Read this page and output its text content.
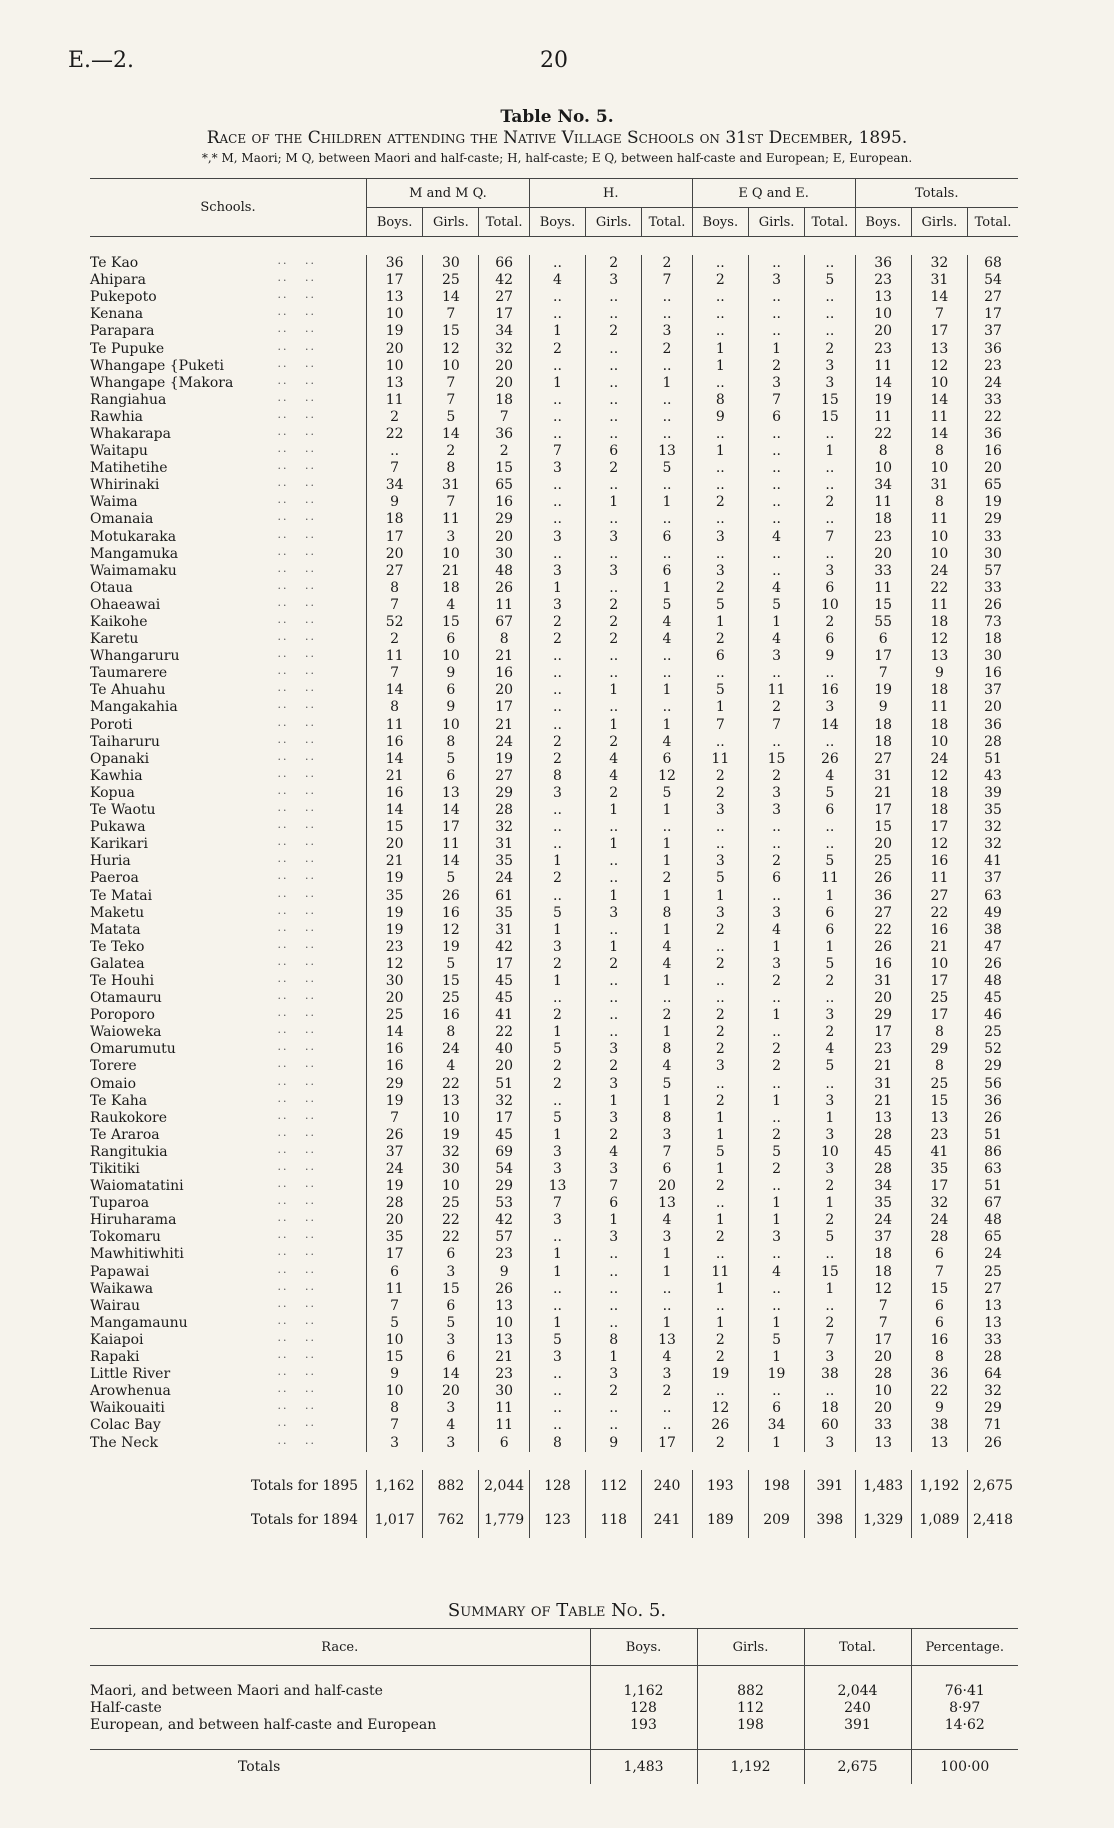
E.—2.	20
Table No. 5.
Race of the Children attending the Native Village Schools on 31st December, 1895.
*,* M, Maori; M Q, between Maori and half-caste; H, half-caste; E Q, between half-caste and European; E, European.
Schools.		M and M Q.			H.			E Q and E.			Totals.		
		Boys.	Girls.	Total.	Boys.	Girls.	Total.	Boys.	Girls.	Total.	Boys.	Girls.	Total.

Te Kao	··   ··	36	30	66	..	2	2	..	..	..	36	32	68
Ahipara	··   ··	17	25	42	4	3	7	2	3	5	23	31	54
Pukepoto	··   ··	13	14	27	..	..	..	..	..	..	13	14	27
Kenana	··   ··	10	7	17	..	..	..	..	..	..	10	7	17
Parapara	··   ··	19	15	34	1	2	3	..	..	..	20	17	37
Te Pupuke	··   ··	20	12	32	2	..	2	1	1	2	23	13	36
Whangape {Puketi	··   ··	10	10	20	..	..	..	1	2	3	11	12	23
Whangape {Makora	··   ··	13	7	20	1	..	1	..	3	3	14	10	24
Rangiahua	··   ··	11	7	18	..	..	..	8	7	15	19	14	33
Rawhia	··   ··	2	5	7	..	..	..	9	6	15	11	11	22
Whakarapa	··   ··	22	14	36	..	..	..	..	..	..	22	14	36
Waitapu	··   ··	..	2	2	7	6	13	1	..	1	8	8	16
Matihetihe	··   ··	7	8	15	3	2	5	..	..	..	10	10	20
Whirinaki	··   ··	34	31	65	..	..	..	..	..	..	34	31	65
Waima	··   ··	9	7	16	..	1	1	2	..	2	11	8	19
Omanaia	··   ··	18	11	29	..	..	..	..	..	..	18	11	29
Motukaraka	··   ··	17	3	20	3	3	6	3	4	7	23	10	33
Mangamuka	··   ··	20	10	30	..	..	..	..	..	..	20	10	30
Waimamaku	··   ··	27	21	48	3	3	6	3	..	3	33	24	57
Otaua	··   ··	8	18	26	1	..	1	2	4	6	11	22	33
Ohaeawai	··   ··	7	4	11	3	2	5	5	5	10	15	11	26
Kaikohe	··   ··	52	15	67	2	2	4	1	1	2	55	18	73
Karetu	··   ··	2	6	8	2	2	4	2	4	6	6	12	18
Whangaruru	··   ··	11	10	21	..	..	..	6	3	9	17	13	30
Taumarere	··   ··	7	9	16	..	..	..	..	..	..	7	9	16
Te Ahuahu	··   ··	14	6	20	..	1	1	5	11	16	19	18	37
Mangakahia	··   ··	8	9	17	..	..	..	1	2	3	9	11	20
Poroti	··   ··	11	10	21	..	1	1	7	7	14	18	18	36
Taiharuru	··   ··	16	8	24	2	2	4	..	..	..	18	10	28
Opanaki	··   ··	14	5	19	2	4	6	11	15	26	27	24	51
Kawhia	··   ··	21	6	27	8	4	12	2	2	4	31	12	43
Kopua	··   ··	16	13	29	3	2	5	2	3	5	21	18	39
Te Waotu	··   ··	14	14	28	..	1	1	3	3	6	17	18	35
Pukawa	··   ··	15	17	32	..	..	..	..	..	..	15	17	32
Karikari	··   ··	20	11	31	..	1	1	..	..	..	20	12	32
Huria	··   ··	21	14	35	1	..	1	3	2	5	25	16	41
Paeroa	··   ··	19	5	24	2	..	2	5	6	11	26	11	37
Te Matai	··   ··	35	26	61	..	1	1	1	..	1	36	27	63
Maketu	··   ··	19	16	35	5	3	8	3	3	6	27	22	49
Matata	··   ··	19	12	31	1	..	1	2	4	6	22	16	38
Te Teko	··   ··	23	19	42	3	1	4	..	1	1	26	21	47
Galatea	··   ··	12	5	17	2	2	4	2	3	5	16	10	26
Te Houhi	··   ··	30	15	45	1	..	1	..	2	2	31	17	48
Otamauru	··   ··	20	25	45	..	..	..	..	..	..	20	25	45
Poroporo	··   ··	25	16	41	2	..	2	2	1	3	29	17	46
Waioweka	··   ··	14	8	22	1	..	1	2	..	2	17	8	25
Omarumutu	··   ··	16	24	40	5	3	8	2	2	4	23	29	52
Torere	··   ··	16	4	20	2	2	4	3	2	5	21	8	29
Omaio	··   ··	29	22	51	2	3	5	..	..	..	31	25	56
Te Kaha	··   ··	19	13	32	..	1	1	2	1	3	21	15	36
Raukokore	··   ··	7	10	17	5	3	8	1	..	1	13	13	26
Te Araroa	··   ··	26	19	45	1	2	3	1	2	3	28	23	51
Rangitukia	··   ··	37	32	69	3	4	7	5	5	10	45	41	86
Tikitiki	··   ··	24	30	54	3	3	6	1	2	3	28	35	63
Waiomatatini	··   ··	19	10	29	13	7	20	2	..	2	34	17	51
Tuparoa	··   ··	28	25	53	7	6	13	..	1	1	35	32	67
Hiruharama	··   ··	20	22	42	3	1	4	1	1	2	24	24	48
Tokomaru	··   ··	35	22	57	..	3	3	2	3	5	37	28	65
Mawhitiwhiti	··   ··	17	6	23	1	..	1	..	..	..	18	6	24
Papawai	··   ··	6	3	9	1	..	1	11	4	15	18	7	25
Waikawa	··   ··	11	15	26	..	..	..	1	..	1	12	15	27
Wairau	··   ··	7	6	13	..	..	..	..	..	..	7	6	13
Mangamaunu	··   ··	5	5	10	1	..	1	1	1	2	7	6	13
Kaiapoi	··   ··	10	3	13	5	8	13	2	5	7	17	16	33
Rapaki	··   ··	15	6	21	3	1	4	2	1	3	20	8	28
Little River	··   ··	9	14	23	..	3	3	19	19	38	28	36	64
Arowhenua	··   ··	10	20	30	..	2	2	..	..	..	10	22	32
Waikouaiti	··   ··	8	3	11	..	..	..	12	6	18	20	9	29
Colac Bay	··   ··	7	4	11	..	..	..	26	34	60	33	38	71
The Neck	··   ··	3	3	6	8	9	17	2	1	3	13	13	26

Totals for 1895		1,162	882	2,044	128	112	240	193	198	391	1,483	1,192	2,675
Totals for 1894		1,017	762	1,779	123	118	241	189	209	398	1,329	1,089	2,418
Summary of Table No. 5.
Race.	Boys.	Girls.	Total.	Percentage.

Maori, and between Maori and half-caste	1,162	882	2,044	76·41
Half-caste	128	112	240	8·97
European, and between half-caste and European	193	198	391	14·62

Totals	1,483	1,192	2,675	100·00
